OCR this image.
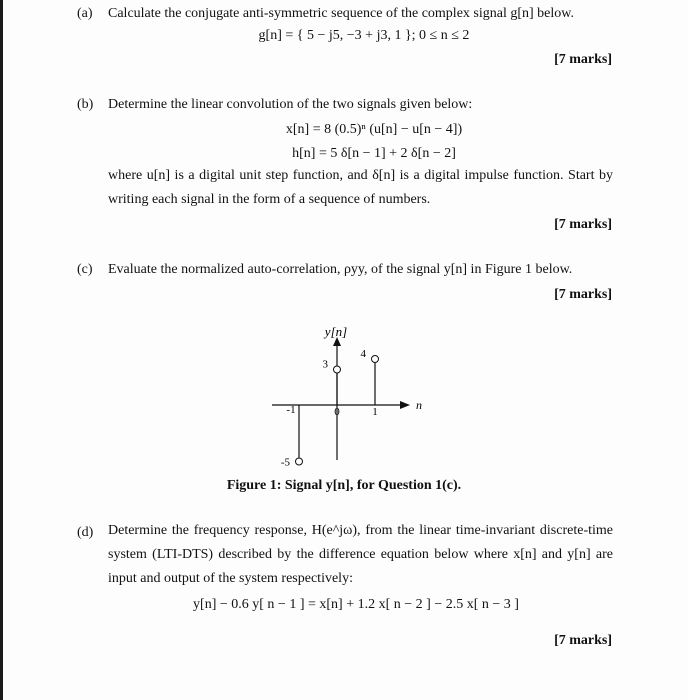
(a) Calculate the conjugate anti-symmetric sequence of the complex signal g[n] below.
g[n] = { 5 − j5, −3 + j3, 1 }; 0 ≤ n ≤ 2
[7 marks]
(b) Determine the linear convolution of the two signals given below:
x[n] = 8 (0.5)ⁿ (u[n] − u[n − 4])
h[n] = 5 δ[n − 1] + 2 δ[n − 2]
where u[n] is a digital unit step function, and δ[n] is a digital impulse function. Start by writing each signal in the form of a sequence of numbers.
[7 marks]
(c) Evaluate the normalized auto-correlation, ρyy, of the signal y[n] in Figure 1 below.
[7 marks]
y[n]
n
-1	0	1
-5
3
4
Figure 1: Signal y[n], for Question 1(c).
(d) Determine the frequency response, H(e^jω), from the linear time-invariant discrete-time system (LTI-DTS) described by the difference equation below where x[n] and y[n] are input and output of the system respectively:
y[n] − 0.6 y[ n − 1 ] = x[n] + 1.2 x[ n − 2 ] − 2.5 x[ n − 3 ]
[7 marks]
